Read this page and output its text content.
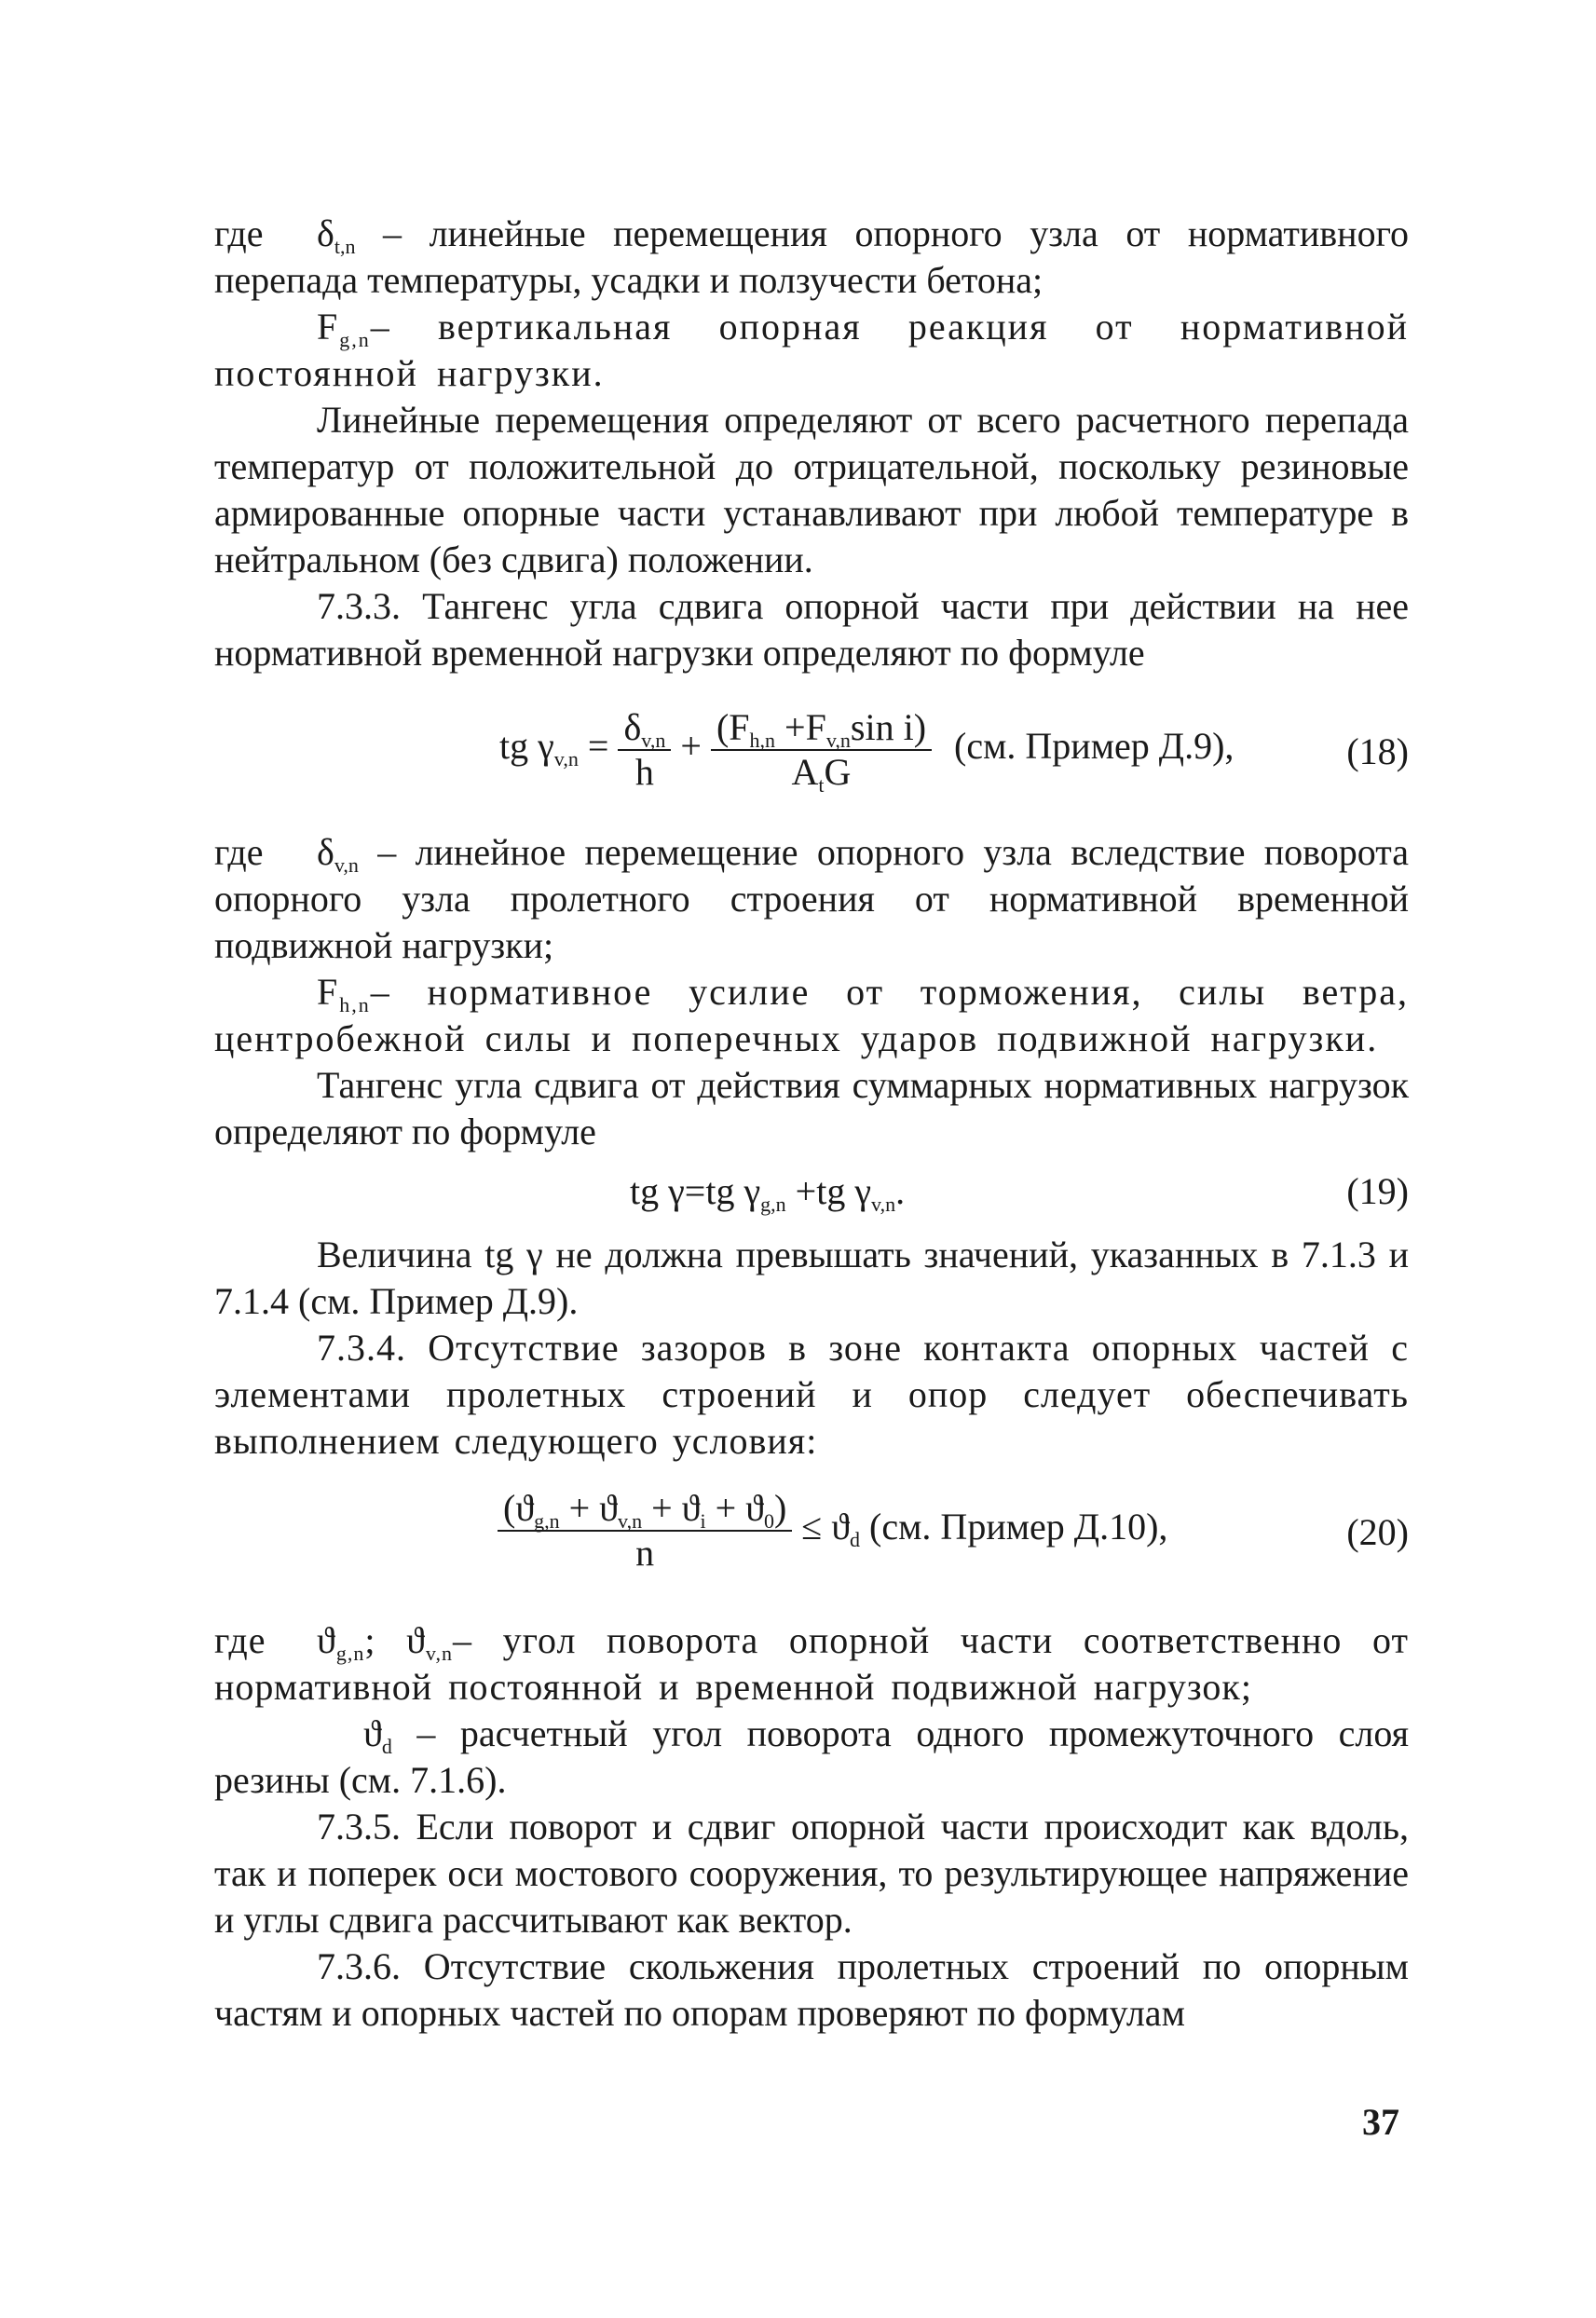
где $\delta_{t,n}$ – линейные перемещения опорного узла от нормативного перепада температуры, усадки и ползучести бетона;

$F_{g,n}-$ вертикальная опорная реакция от нормативной постоянной нагрузки.

Линейные перемещения определяют от всего расчетного перепада температур от положительной до отрицательной, поскольку резиновые армированные опорные части устанавливают при любой температуре в нейтральном (без сдвига) положении.

7.3.3. Тангенс угла сдвига опорной части при действии на нее нормативной временной нагрузки определяют по формуле

tg $\gamma_{v,n} = \frac{\delta_{v,n}}{h} + \frac{(F_{h,n} +F_{v,n}\sin i)}{A_tG} (см$. Пример Д.9),	(18)

где $\delta_{v,n}$ – линейное перемещение опорного узла вследствие поворота опорного узла пролетного строения от нормативной временной подвижной нагрузки;

$F_{h,n}-$ нормативное усилие от торможения, силы ветра, центробежной силы и поперечных ударов подвижной нагрузки.

Тангенс угла сдвига от действия суммарных нормативных нагрузок определяют по формуле

tg γ=tg $\gamma_{g,n} +tg$ $\gamma_{v,n}$.	(19)

Величина tg γ не должна превышать значений, указанных в 7.1.3 и 7.1.4 (см. Пример Д.9).

7.3.4. Отсутствие зазоров в зоне контакта опорных частей с элементами пролетных строений и опор следует обеспечивать выполнением следующего условия:

$\frac{(ϑ_{g,n} + ϑ_{v,n} + ϑ_i + ϑ_0)}{n} \le ϑ_d$ (см. Пример Д.10),	(20)

где $ϑ_{g,n}$; $ϑ_{v,n}-$ угол поворота опорной части соответственно от нормативной постоянной и временной подвижной нагрузок;

$ϑ_d$ – расчетный угол поворота одного промежуточного слоя резины (см. 7.1.6).

7.3.5. Если поворот и сдвиг опорной части происходит как вдоль, так и поперек оси мостового сооружения, то результирующее напряжение и углы сдвига рассчитывают как вектор.

7.3.6. Отсутствие скольжения пролетных строений по опорным частям и опорных частей по опорам проверяют по формулам

37
